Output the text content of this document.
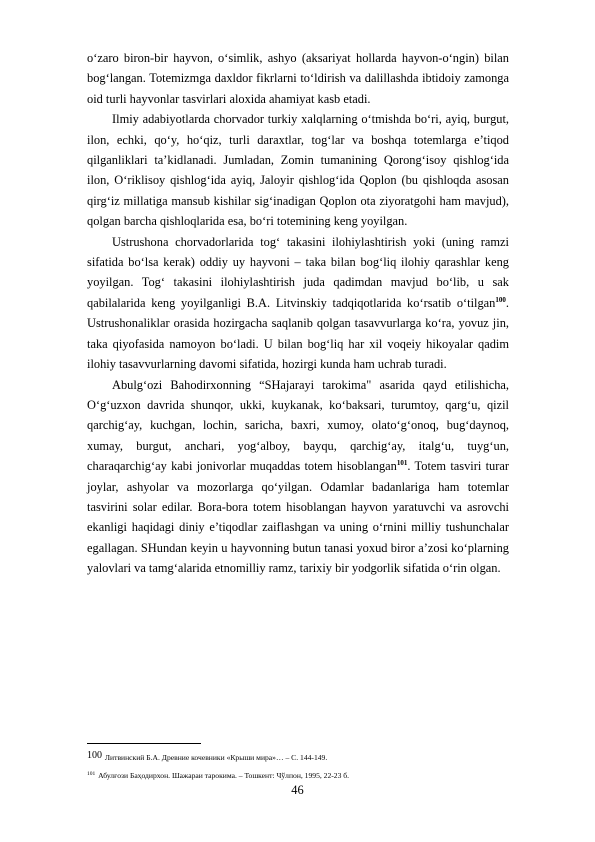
o‘zaro biron-bir hayvon, o‘simlik, ashyo (aksariyat hollarda hayvon-o‘ngin) bilan bog‘langan. Totemizmga daxldor fikrlarni to‘ldirish va dalillashda ibtidoiy zamonga oid turli hayvonlar tasvirlari aloxida ahamiyat kasb etadi.

Ilmiy adabiyotlarda chorvador turkiy xalqlarning o‘tmishda bo‘ri, ayiq, burgut, ilon, echki, qo‘y, ho‘qiz, turli daraxtlar, tog‘lar va boshqa totemlarga e’tiqod qilganliklari ta’kidlanadi. Jumladan, Zomin tumanining Qorong‘isoy qishlog‘ida ilon, O‘riklisoy qishlog‘ida ayiq, Jaloyir qishlog‘ida Qoplon (bu qishloqda asosan qirg‘iz millatiga mansub kishilar sig‘inadigan Qoplon ota ziyoratgohi ham mavjud), qolgan barcha qishloqlarida esa, bo‘ri totemining keng yoyilgan.

Ustrushona chorvadorlarida tog‘ takasini ilohiylashtirish yoki (uning ramzi sifatida bo‘lsa kerak) oddiy uy hayvoni – taka bilan bog‘liq ilohiy qarashlar keng yoyilgan. Tog‘ takasini ilohiylashtirish juda qadimdan mavjud bo‘lib, u sak qabilalarida keng yoyilganligi B.A. Litvinskiy tadqiqotlarida ko‘rsatib o‘tilgan$^{100}$. Ustrushonaliklar orasida hozirgacha saqlanib qolgan tasavvurlarga ko‘ra, yovuz jin, taka qiyofasida namoyon bo‘ladi. U bilan bog‘liq har xil voqeiy hikoyalar qadim ilohiy tasavvurlarning davomi sifatida, hozirgi kunda ham uchrab turadi.

Abulg‘ozi Bahodirxonning “SHajarayi tarokima" asarida qayd etilishicha, O‘g‘uzxon davrida shunqor, ukki, kuykanak, ko‘baksari, turumtoy, qarg‘u, qizil qarchig‘ay, kuchgan, lochin, saricha, baxri, xumoy, olato‘g‘onoq, bug‘daynoq, xumay, burgut, anchari, yog‘alboy, bayqu, qarchig‘ay, italg‘u, tuyg‘un, charaqarchig‘ay kabi jonivorlar muqaddas totem hisoblangan$^{101}$. Totem tasviri turar joylar, ashyolar va mozorlarga qo‘yilgan. Odamlar badanlariga ham totemlar tasvirini solar edilar. Bora-bora totem hisoblangan hayvon yaratuvchi va asrovchi ekanligi haqidagi diniy e’tiqodlar zaiflashgan va uning o‘rnini milliy tushunchalar egallagan. SHundan keyin u hayvonning butun tanasi yoxud biror a’zosi ko‘plarning yalovlari va tamg‘alarida etnomilliy ramz, tarixiy bir yodgorlik sifatida o‘rin olgan.

100 Литвинский Б.А. Древние кочевники «Крыши мира»… – С. 144-149.
$^{101}$ Абулғози Баҳодирхон. Шажараи тарокима. – Тошкент: Чўлпон, 1995, 22-23 б.
46
